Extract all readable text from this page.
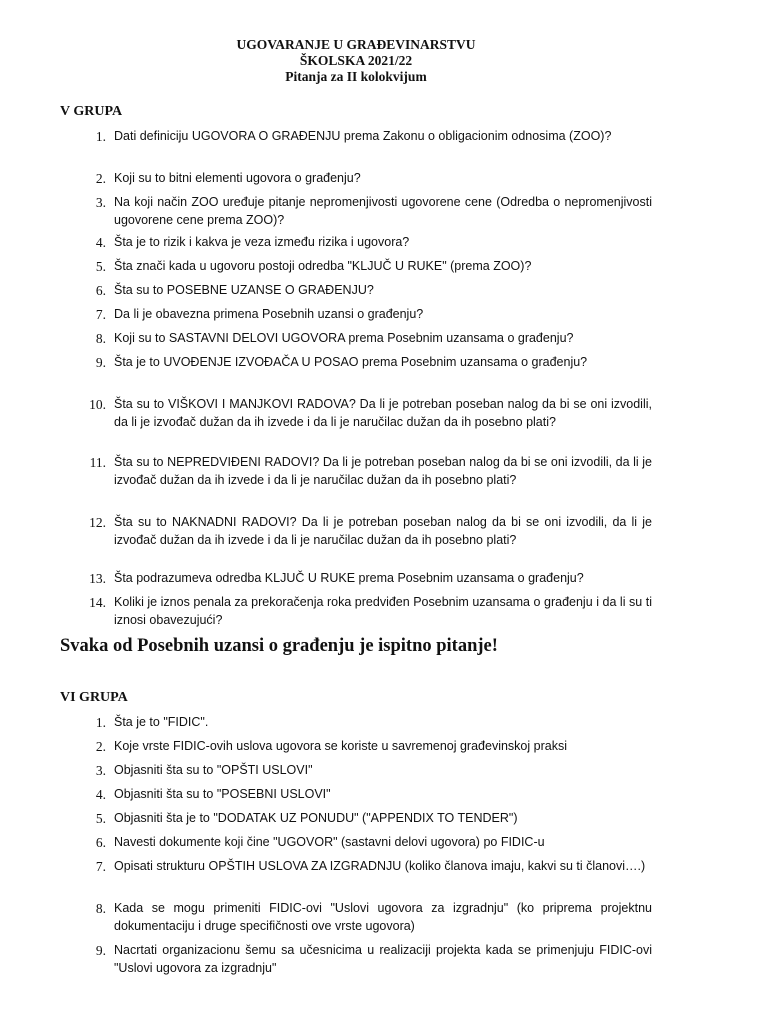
UGOVARANJE U GRAĐEVINARSTVU
ŠKOLSKA 2021/22
Pitanja za II kolokvijum
V GRUPA
1. Dati definiciju UGOVORA O GRAĐENJU prema Zakonu o obligacionim odnosima (ZOO)?
2. Koji su to bitni elementi ugovora o građenju?
3. Na koji način ZOO uređuje pitanje nepromenjivosti ugovorene cene (Odredba o nepromenjivosti ugovorene cene prema ZOO)?
4. Šta je to rizik i kakva je veza između rizika i ugovora?
5. Šta znači kada u ugovoru postoji odredba "KLJUČ U RUKE" (prema ZOO)?
6. Šta su to POSEBNE UZANSE O GRAĐENJU?
7. Da li je obavezna primena Posebnih uzansi o građenju?
8. Koji su to SASTAVNI DELOVI UGOVORA prema Posebnim uzansama o građenju?
9. Šta je to UVOĐENJE IZVOĐAČA U POSAO prema Posebnim uzansama o građenju?
10. Šta su to VIŠKOVI I MANJKOVI RADOVA? Da li je potreban poseban nalog da bi se oni izvodili, da li je izvođač dužan da ih izvede i da li je naručilac dužan da ih posebno plati?
11. Šta su to NEPREDVIĐENI RADOVI? Da li je potreban poseban nalog da bi se oni izvodili, da li je izvođač dužan da ih izvede i da li je naručilac dužan da ih posebno plati?
12. Šta su to NAKNADNI RADOVI? Da li je potreban poseban nalog da bi se oni izvodili, da li je izvođač dužan da ih izvede i da li je naručilac dužan da ih posebno plati?
13. Šta podrazumeva odredba KLJUČ U RUKE prema Posebnim uzansama o građenju?
14. Koliki je iznos penala za prekoračenja roka predviđen Posebnim uzansama o građenju i da li su ti iznosi obavezujući?
Svaka od Posebnih uzansi o građenju je ispitno pitanje!
VI GRUPA
1. Šta je to "FIDIC".
2. Koje vrste FIDIC-ovih uslova ugovora se koriste u savremenoj građevinskoj praksi
3. Objasniti šta su to "OPŠTI USLOVI"
4. Objasniti šta su to "POSEBNI USLOVI"
5. Objasniti šta je to "DODATAK UZ PONUDU" ("APPENDIX TO TENDER")
6. Navesti dokumente koji čine "UGOVOR" (sastavni delovi ugovora) po FIDIC-u
7. Opisati strukturu OPŠTIH USLOVA ZA IZGRADNJU (koliko članova imaju, kakvi su ti članovi….)
8. Kada se mogu primeniti FIDIC-ovi "Uslovi ugovora za izgradnju" (ko priprema projektnu dokumentaciju i druge specifičnosti ove vrste ugovora)
9. Nacrtati organizacionu šemu sa učesnicima u realizaciji projekta kada se primenjuju FIDIC-ovi "Uslovi ugovora za izgradnju"
